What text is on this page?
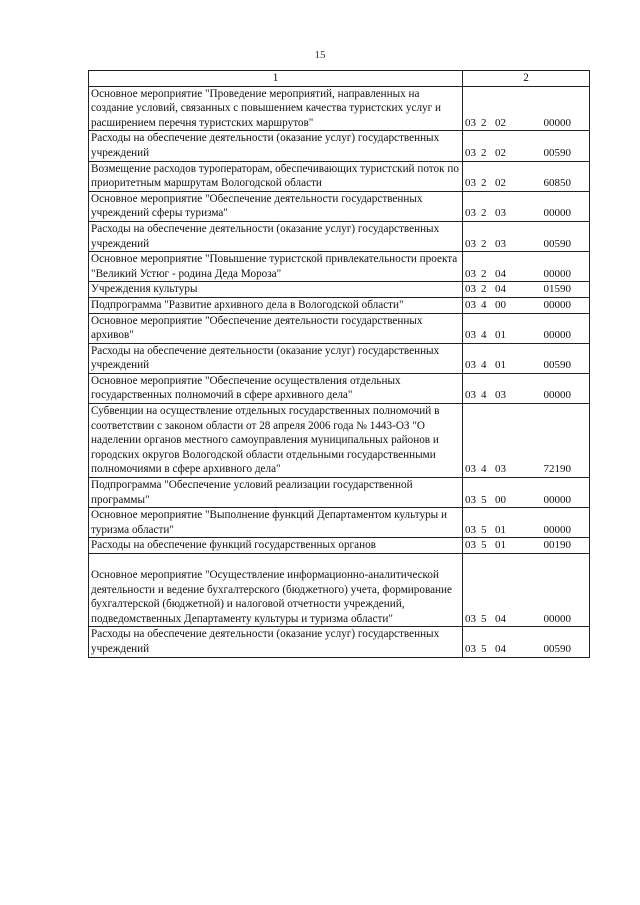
15
1	2
Основное мероприятие "Проведение мероприятий, направленных на создание условий, связанных с повышением качества туристских услуг и расширением перечня туристских маршрутов"	03 2 02 00000
Расходы на обеспечение деятельности (оказание услуг) государственных учреждений	03 2 02 00590
Возмещение расходов туроператорам, обеспечивающих туристский поток по приоритетным маршрутам Вологодской области	03 2 02 60850
Основное мероприятие "Обеспечение деятельности государственных учреждений сферы туризма"	03 2 03 00000
Расходы на обеспечение деятельности (оказание услуг) государственных учреждений	03 2 03 00590
Основное мероприятие "Повышение туристской привлекательности проекта "Великий Устюг - родина Деда Мороза"	03 2 04 00000
Учреждения культуры	03 2 04 01590
Подпрограмма "Развитие архивного дела в Вологодской области"	03 4 00 00000
Основное мероприятие "Обеспечение деятельности государственных архивов"	03 4 01 00000
Расходы на обеспечение деятельности (оказание услуг) государственных учреждений	03 4 01 00590
Основное мероприятие "Обеспечение осуществления отдельных государственных полномочий в сфере архивного дела"	03 4 03 00000
Субвенции на осуществление отдельных государственных полномочий в соответствии с законом области от 28 апреля 2006 года № 1443-ОЗ "О наделении органов местного самоуправления муниципальных районов и городских округов Вологодской области отдельными государственными полномочиями в сфере архивного дела"	03 4 03 72190
Подпрограмма "Обеспечение условий реализации государственной программы"	03 5 00 00000
Основное мероприятие "Выполнение функций Департаментом культуры и туризма области"	03 5 01 00000
Расходы на обеспечение функций государственных органов	03 5 01 00190
Основное мероприятие "Осуществление информационно-аналитической деятельности и ведение бухгалтерского (бюджетного) учета, формирование бухгалтерской (бюджетной) и налоговой отчетности учреждений, подведомственных Департаменту культуры и туризма области"	03 5 04 00000
Расходы на обеспечение деятельности (оказание услуг) государственных учреждений	03 5 04 00590
